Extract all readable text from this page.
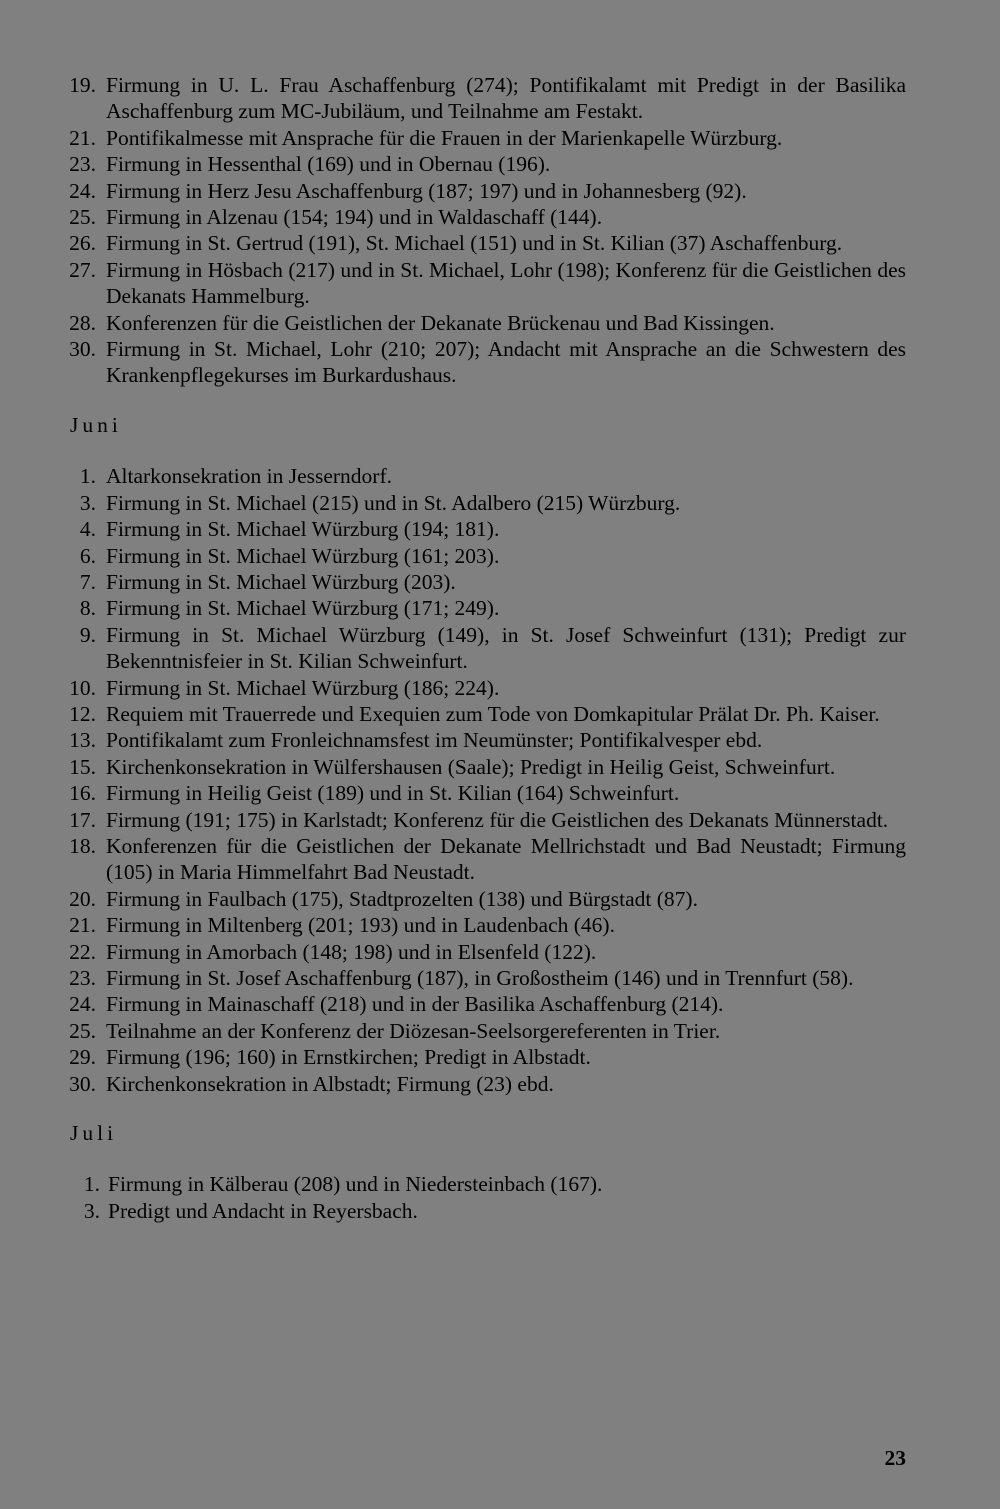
19. Firmung in U. L. Frau Aschaffenburg (274); Pontifikalamt mit Predigt in der Basilika Aschaffenburg zum MC-Jubiläum, und Teilnahme am Festakt.
21. Pontifikalmesse mit Ansprache für die Frauen in der Marienkapelle Würzburg.
23. Firmung in Hessenthal (169) und in Obernau (196).
24. Firmung in Herz Jesu Aschaffenburg (187; 197) und in Johannesberg (92).
25. Firmung in Alzenau (154; 194) und in Waldaschaff (144).
26. Firmung in St. Gertrud (191), St. Michael (151) und in St. Kilian (37) Aschaffenburg.
27. Firmung in Hösbach (217) und in St. Michael, Lohr (198); Konferenz für die Geistlichen des Dekanats Hammelburg.
28. Konferenzen für die Geistlichen der Dekanate Brückenau und Bad Kissingen.
30. Firmung in St. Michael, Lohr (210; 207); Andacht mit Ansprache an die Schwestern des Krankenpflegekurses im Burkardushaus.
Juni
1. Altarkonsekration in Jesserndorf.
3. Firmung in St. Michael (215) und in St. Adalbero (215) Würzburg.
4. Firmung in St. Michael Würzburg (194; 181).
6. Firmung in St. Michael Würzburg (161; 203).
7. Firmung in St. Michael Würzburg (203).
8. Firmung in St. Michael Würzburg (171; 249).
9. Firmung in St. Michael Würzburg (149), in St. Josef Schweinfurt (131); Predigt zur Bekenntnisfeier in St. Kilian Schweinfurt.
10. Firmung in St. Michael Würzburg (186; 224).
12. Requiem mit Trauerrede und Exequien zum Tode von Domkapitular Prälat Dr. Ph. Kaiser.
13. Pontifikalamt zum Fronleichnamsfest im Neumünster; Pontifikalvesper ebd.
15. Kirchenkonsekration in Wülfershausen (Saale); Predigt in Heilig Geist, Schweinfurt.
16. Firmung in Heilig Geist (189) und in St. Kilian (164) Schweinfurt.
17. Firmung (191; 175) in Karlstadt; Konferenz für die Geistlichen des Dekanats Münnerstadt.
18. Konferenzen für die Geistlichen der Dekanate Mellrichstadt und Bad Neustadt; Firmung (105) in Maria Himmelfahrt Bad Neustadt.
20. Firmung in Faulbach (175), Stadtprozelten (138) und Bürgstadt (87).
21. Firmung in Miltenberg (201; 193) und in Laudenbach (46).
22. Firmung in Amorbach (148; 198) und in Elsenfeld (122).
23. Firmung in St. Josef Aschaffenburg (187), in Großostheim (146) und in Trennfurt (58).
24. Firmung in Mainaschaff (218) und in der Basilika Aschaffenburg (214).
25. Teilnahme an der Konferenz der Diözesan-Seelsorgereferenten in Trier.
29. Firmung (196; 160) in Ernstkirchen; Predigt in Albstadt.
30. Kirchenkonsekration in Albstadt; Firmung (23) ebd.
Juli
1. Firmung in Kälberau (208) und in Niedersteinbach (167).
3. Predigt und Andacht in Reyersbach.
23
